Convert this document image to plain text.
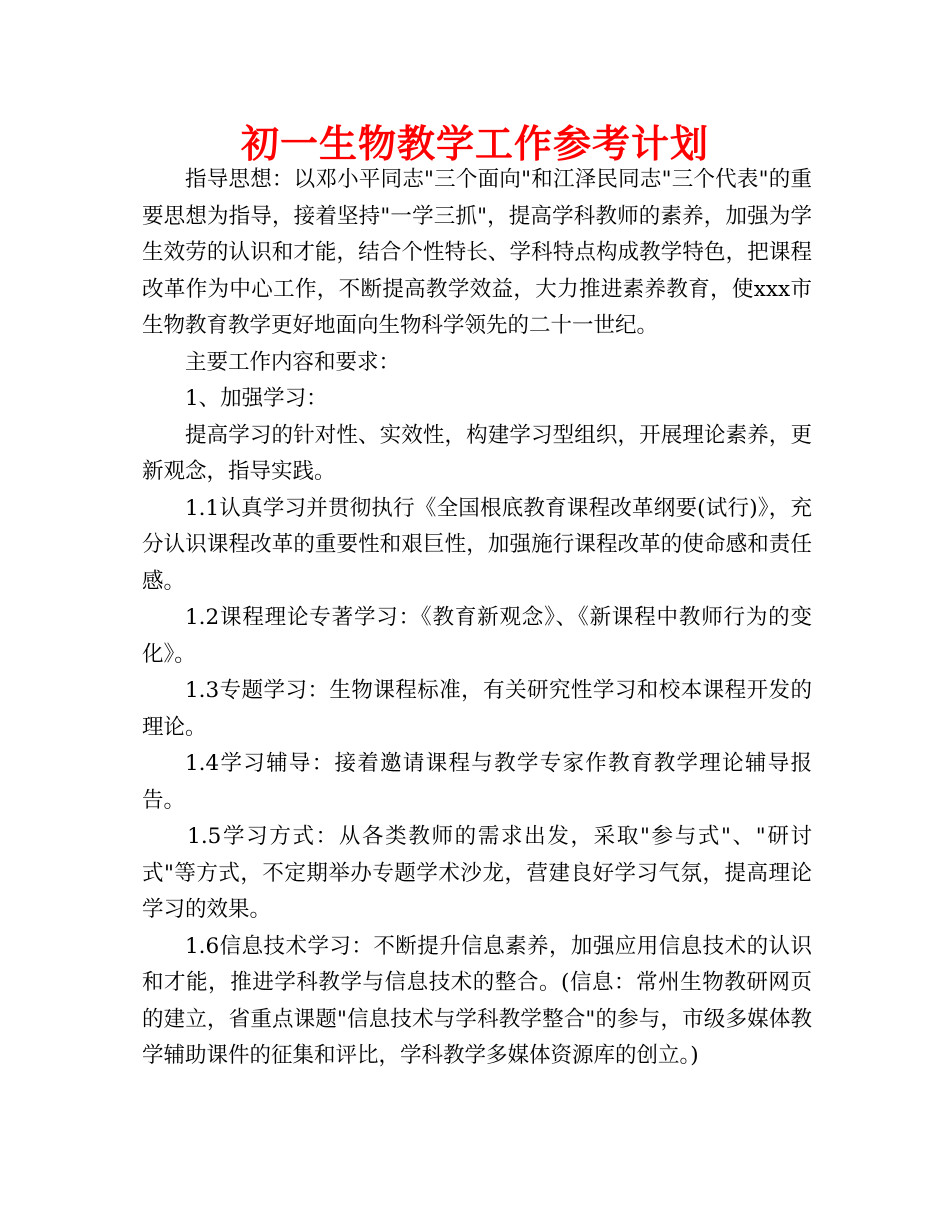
初一生物教学工作参考计划

指导思想：以邓小平同志"三个面向"和江泽民同志"三个代表"的重要思想为指导，接着坚持"一学三抓"，提高学科教师的素养，加强为学生效劳的认识和才能，结合个性特长、学科特点构成教学特色，把课程改革作为中心工作，不断提高教学效益，大力推进素养教育，使xxx市生物教育教学更好地面向生物科学领先的二十一世纪。

主要工作内容和要求：

1、加强学习：

提高学习的针对性、实效性，构建学习型组织，开展理论素养，更新观念，指导实践。

1.1认真学习并贯彻执行《全国根底教育课程改革纲要(试行)》，充分认识课程改革的重要性和艰巨性，加强施行课程改革的使命感和责任感。

1.2课程理论专著学习：《教育新观念》、《新课程中教师行为的变化》。

1.3专题学习：生物课程标准，有关研究性学习和校本课程开发的理论。

1.4学习辅导：接着邀请课程与教学专家作教育教学理论辅导报告。

1.5学习方式：从各类教师的需求出发，采取"参与式"、"研讨式"等方式，不定期举办专题学术沙龙，营建良好学习气氛，提高理论学习的效果。

1.6信息技术学习：不断提升信息素养，加强应用信息技术的认识和才能，推进学科教学与信息技术的整合。(信息：常州生物教研网页的建立，省重点课题"信息技术与学科教学整合"的参与，市级多媒体教学辅助课件的征集和评比，学科教学多媒体资源库的创立。)
